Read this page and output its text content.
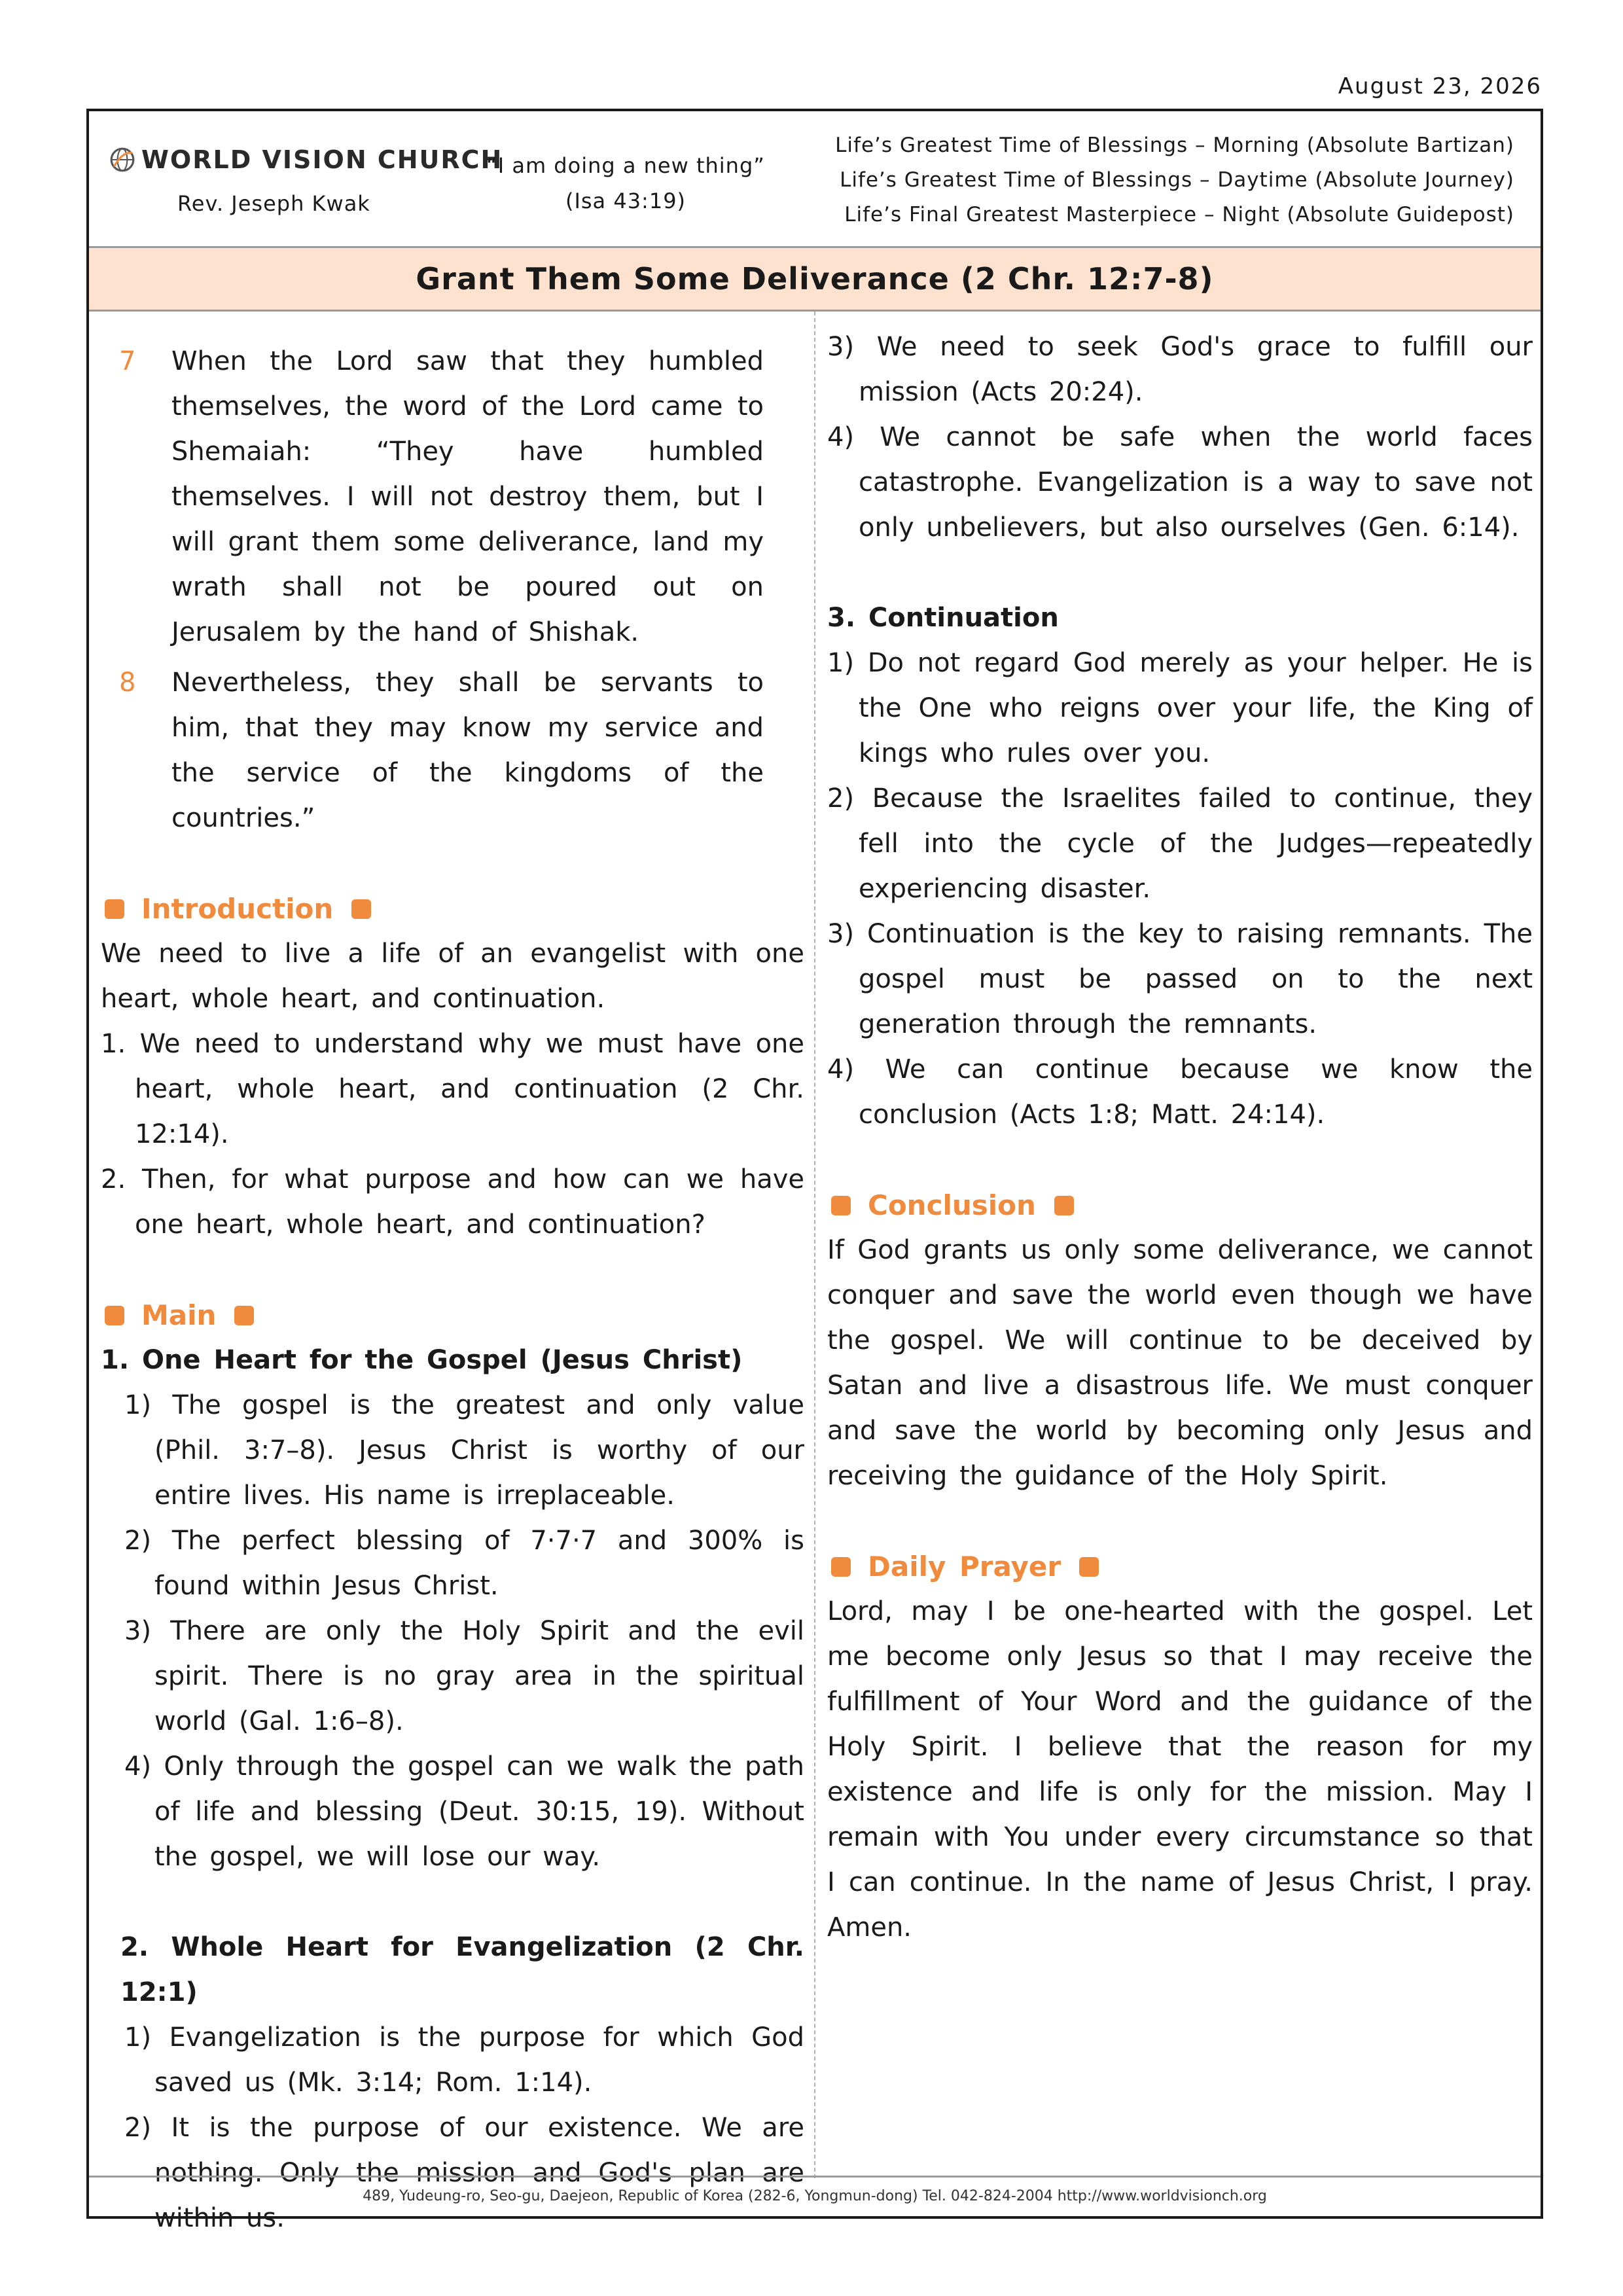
August 23, 2026
WORLD VISION CHURCH
Rev. Jeseph Kwak
“I am doing a new thing”
(Isa 43:19)
Life’s Greatest Time of Blessings – Morning (Absolute Bartizan)
Life’s Greatest Time of Blessings – Daytime (Absolute Journey)
Life’s Final Greatest Masterpiece – Night (Absolute Guidepost)
Grant Them Some Deliverance (2 Chr. 12:7-8)
7	When the Lord saw that they humbled themselves, the word of the Lord came to Shemaiah: “They have humbled themselves. I will not destroy them, but I will grant them some deliverance, land my wrath shall not be poured out on Jerusalem by the hand of Shishak.
8	Nevertheless, they shall be servants to him, that they may know my service and the service of the kingdoms of the countries.”
Introduction

We need to live a life of an evangelist with one heart, whole heart, and continuation.

1. We need to understand why we must have one heart, whole heart, and continuation (2 Chr. 12:14).

2. Then, for what purpose and how can we have one heart, whole heart, and continuation?

Main

1. One Heart for the Gospel (Jesus Christ)

1) The gospel is the greatest and only value (Phil. 3:7–8). Jesus Christ is worthy of our entire lives. His name is irreplaceable.

2) The perfect blessing of 7·7·7 and 300% is found within Jesus Christ.

3) There are only the Holy Spirit and the evil spirit. There is no gray area in the spiritual world (Gal. 1:6–8).

4) Only through the gospel can we walk the path of life and blessing (Deut. 30:15, 19). Without the gospel, we will lose our way.

2. Whole Heart for Evangelization (2 Chr. 12:1)

1) Evangelization is the purpose for which God saved us (Mk. 3:14; Rom. 1:14).

2) It is the purpose of our existence. We are nothing. Only the mission and God's plan are within us.

3) We need to seek God's grace to fulfill our mission (Acts 20:24).

4) We cannot be safe when the world faces catastrophe. Evangelization is a way to save not only unbelievers, but also ourselves (Gen. 6:14).

3. Continuation

1) Do not regard God merely as your helper. He is the One who reigns over your life, the King of kings who rules over you.

2) Because the Israelites failed to continue, they fell into the cycle of the Judges—repeatedly experiencing disaster.

3) Continuation is the key to raising remnants. The gospel must be passed on to the next generation through the remnants.

4) We can continue because we know the conclusion (Acts 1:8; Matt. 24:14).

Conclusion

If God grants us only some deliverance, we cannot conquer and save the world even though we have the gospel. We will continue to be deceived by Satan and live a disastrous life. We must conquer and save the world by becoming only Jesus and receiving the guidance of the Holy Spirit.

Daily Prayer

Lord, may I be one-hearted with the gospel. Let me become only Jesus so that I may receive the fulfillment of Your Word and the guidance of the Holy Spirit. I believe that the reason for my existence and life is only for the mission. May I remain with You under every circumstance so that I can continue. In the name of Jesus Christ, I pray. Amen.

489, Yudeung-ro, Seo-gu, Daejeon, Republic of Korea (282-6, Yongmun-dong) Tel. 042-824-2004 http://www.worldvisionch.org
